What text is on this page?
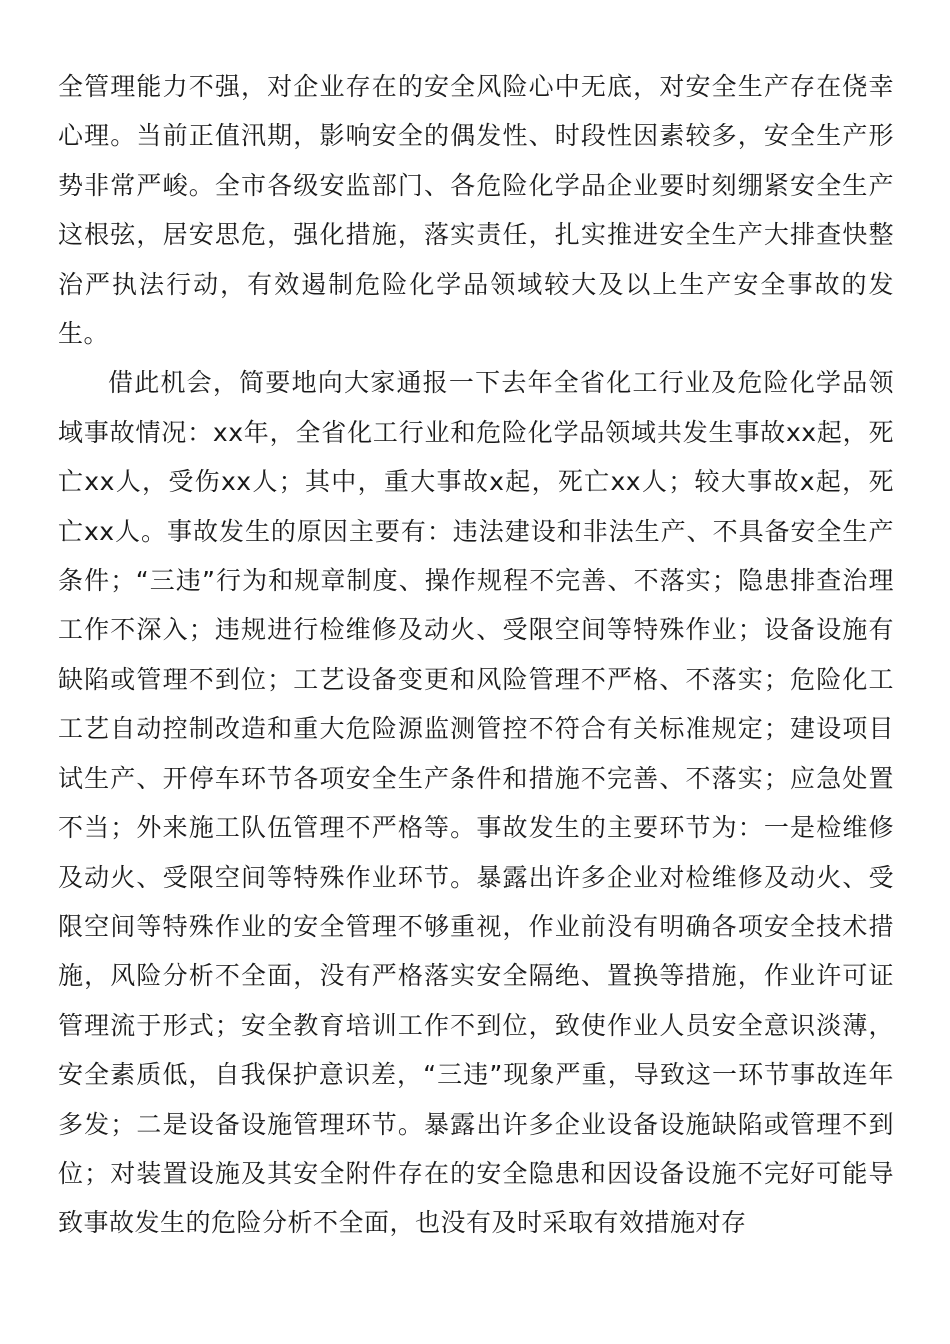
全管理能力不强，对企业存在的安全风险心中无底，对安全生产存在侥幸心理。当前正值汛期，影响安全的偶发性、时段性因素较多，安全生产形势非常严峻。全市各级安监部门、各危险化学品企业要时刻绷紧安全生产这根弦，居安思危，强化措施，落实责任，扎实推进安全生产大排查快整治严执法行动，有效遏制危险化学品领域较大及以上生产安全事故的发生。

借此机会，简要地向大家通报一下去年全省化工行业及危险化学品领域事故情况：xx年，全省化工行业和危险化学品领域共发生事故xx起，死亡xx人，受伤xx人；其中，重大事故x起，死亡xx人；较大事故x起，死亡xx人。事故发生的原因主要有：违法建设和非法生产、不具备安全生产条件；“三违”行为和规章制度、操作规程不完善、不落实；隐患排查治理工作不深入；违规进行检维修及动火、受限空间等特殊作业；设备设施有缺陷或管理不到位；工艺设备变更和风险管理不严格、不落实；危险化工工艺自动控制改造和重大危险源监测管控不符合有关标准规定；建设项目试生产、开停车环节各项安全生产条件和措施不完善、不落实；应急处置不当；外来施工队伍管理不严格等。事故发生的主要环节为：一是检维修及动火、受限空间等特殊作业环节。暴露出许多企业对检维修及动火、受限空间等特殊作业的安全管理不够重视，作业前没有明确各项安全技术措施，风险分析不全面，没有严格落实安全隔绝、置换等措施，作业许可证管理流于形式；安全教育培训工作不到位，致使作业人员安全意识淡薄，安全素质低，自我保护意识差，“三违”现象严重，导致这一环节事故连年多发；二是设备设施管理环节。暴露出许多企业设备设施缺陷或管理不到位；对装置设施及其安全附件存在的安全隐患和因设备设施不完好可能导致事故发生的危险分析不全面，也没有及时采取有效措施对存
